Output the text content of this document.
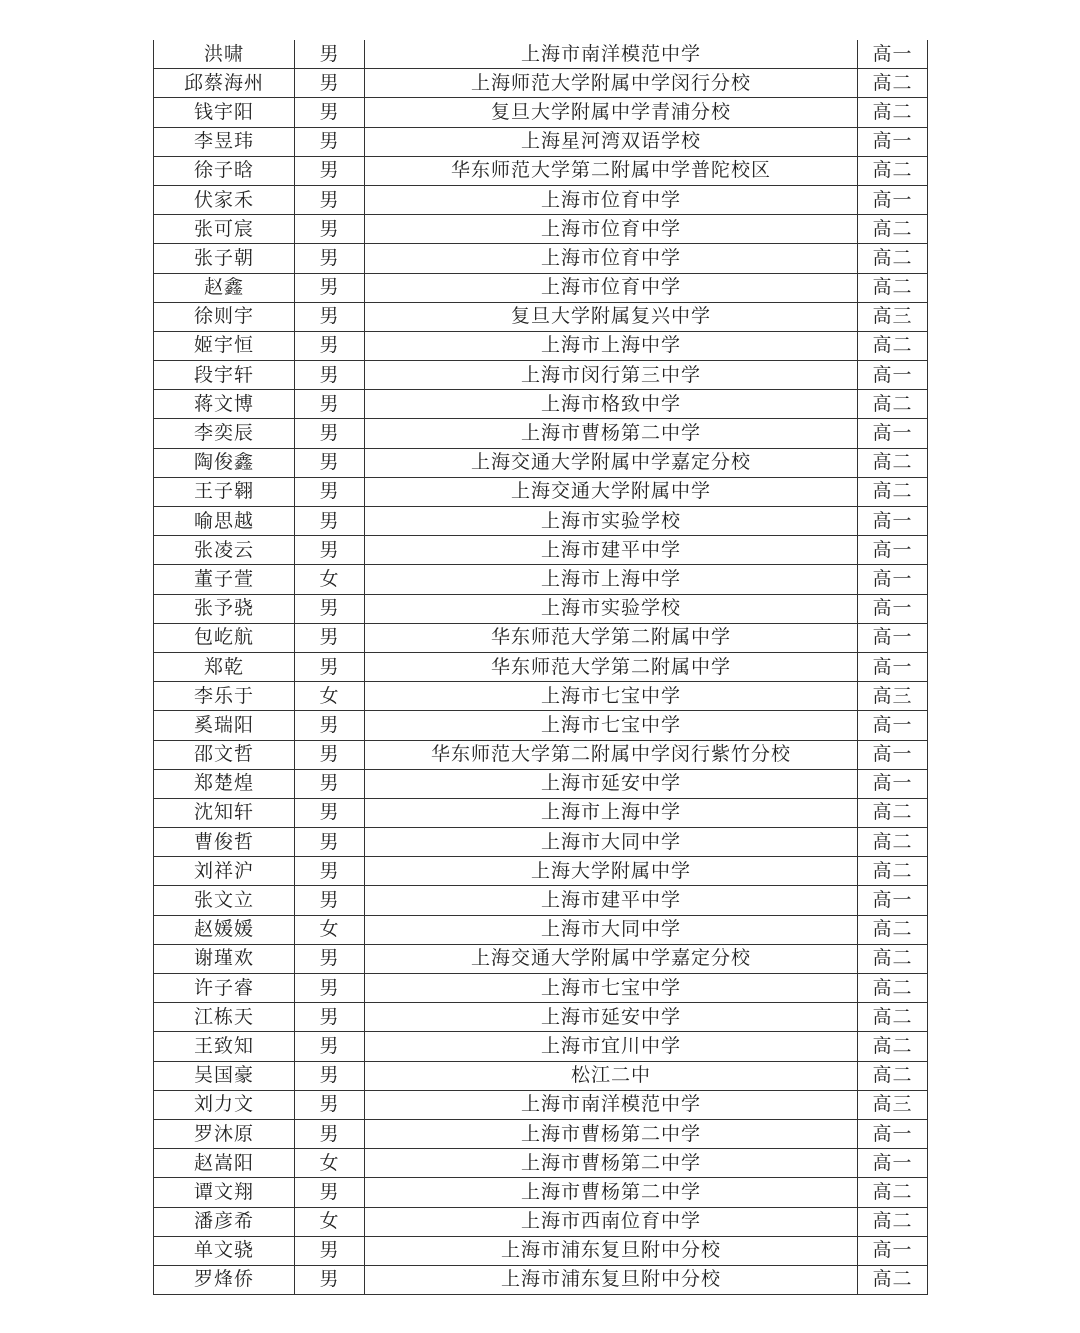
洪啸	男	上海市南洋模范中学	高一
邱蔡海州	男	上海师范大学附属中学闵行分校	高二
钱宇阳	男	复旦大学附属中学青浦分校	高二
李昱玮	男	上海星河湾双语学校	高一
徐子晗	男	华东师范大学第二附属中学普陀校区	高二
伏家禾	男	上海市位育中学	高一
张可宸	男	上海市位育中学	高二
张子朝	男	上海市位育中学	高二
赵鑫	男	上海市位育中学	高二
徐则宇	男	复旦大学附属复兴中学	高三
姬宇恒	男	上海市上海中学	高二
段宇轩	男	上海市闵行第三中学	高一
蒋文博	男	上海市格致中学	高二
李奕辰	男	上海市曹杨第二中学	高一
陶俊鑫	男	上海交通大学附属中学嘉定分校	高二
王子翱	男	上海交通大学附属中学	高二
喻思越	男	上海市实验学校	高一
张凌云	男	上海市建平中学	高一
董子萱	女	上海市上海中学	高一
张予骁	男	上海市实验学校	高一
包屹航	男	华东师范大学第二附属中学	高一
郑乾	男	华东师范大学第二附属中学	高一
李乐于	女	上海市七宝中学	高三
奚瑞阳	男	上海市七宝中学	高一
邵文哲	男	华东师范大学第二附属中学闵行紫竹分校	高一
郑楚煌	男	上海市延安中学	高一
沈知轩	男	上海市上海中学	高二
曹俊哲	男	上海市大同中学	高二
刘祥沪	男	上海大学附属中学	高二
张文立	男	上海市建平中学	高一
赵媛媛	女	上海市大同中学	高二
谢瑾欢	男	上海交通大学附属中学嘉定分校	高二
许子睿	男	上海市七宝中学	高二
江栋天	男	上海市延安中学	高二
王致知	男	上海市宜川中学	高二
吴国豪	男	松江二中	高二
刘力文	男	上海市南洋模范中学	高三
罗沐原	男	上海市曹杨第二中学	高一
赵嵩阳	女	上海市曹杨第二中学	高一
谭文翔	男	上海市曹杨第二中学	高二
潘彦希	女	上海市西南位育中学	高二
单文骁	男	上海市浦东复旦附中分校	高一
罗烽侨	男	上海市浦东复旦附中分校	高二
